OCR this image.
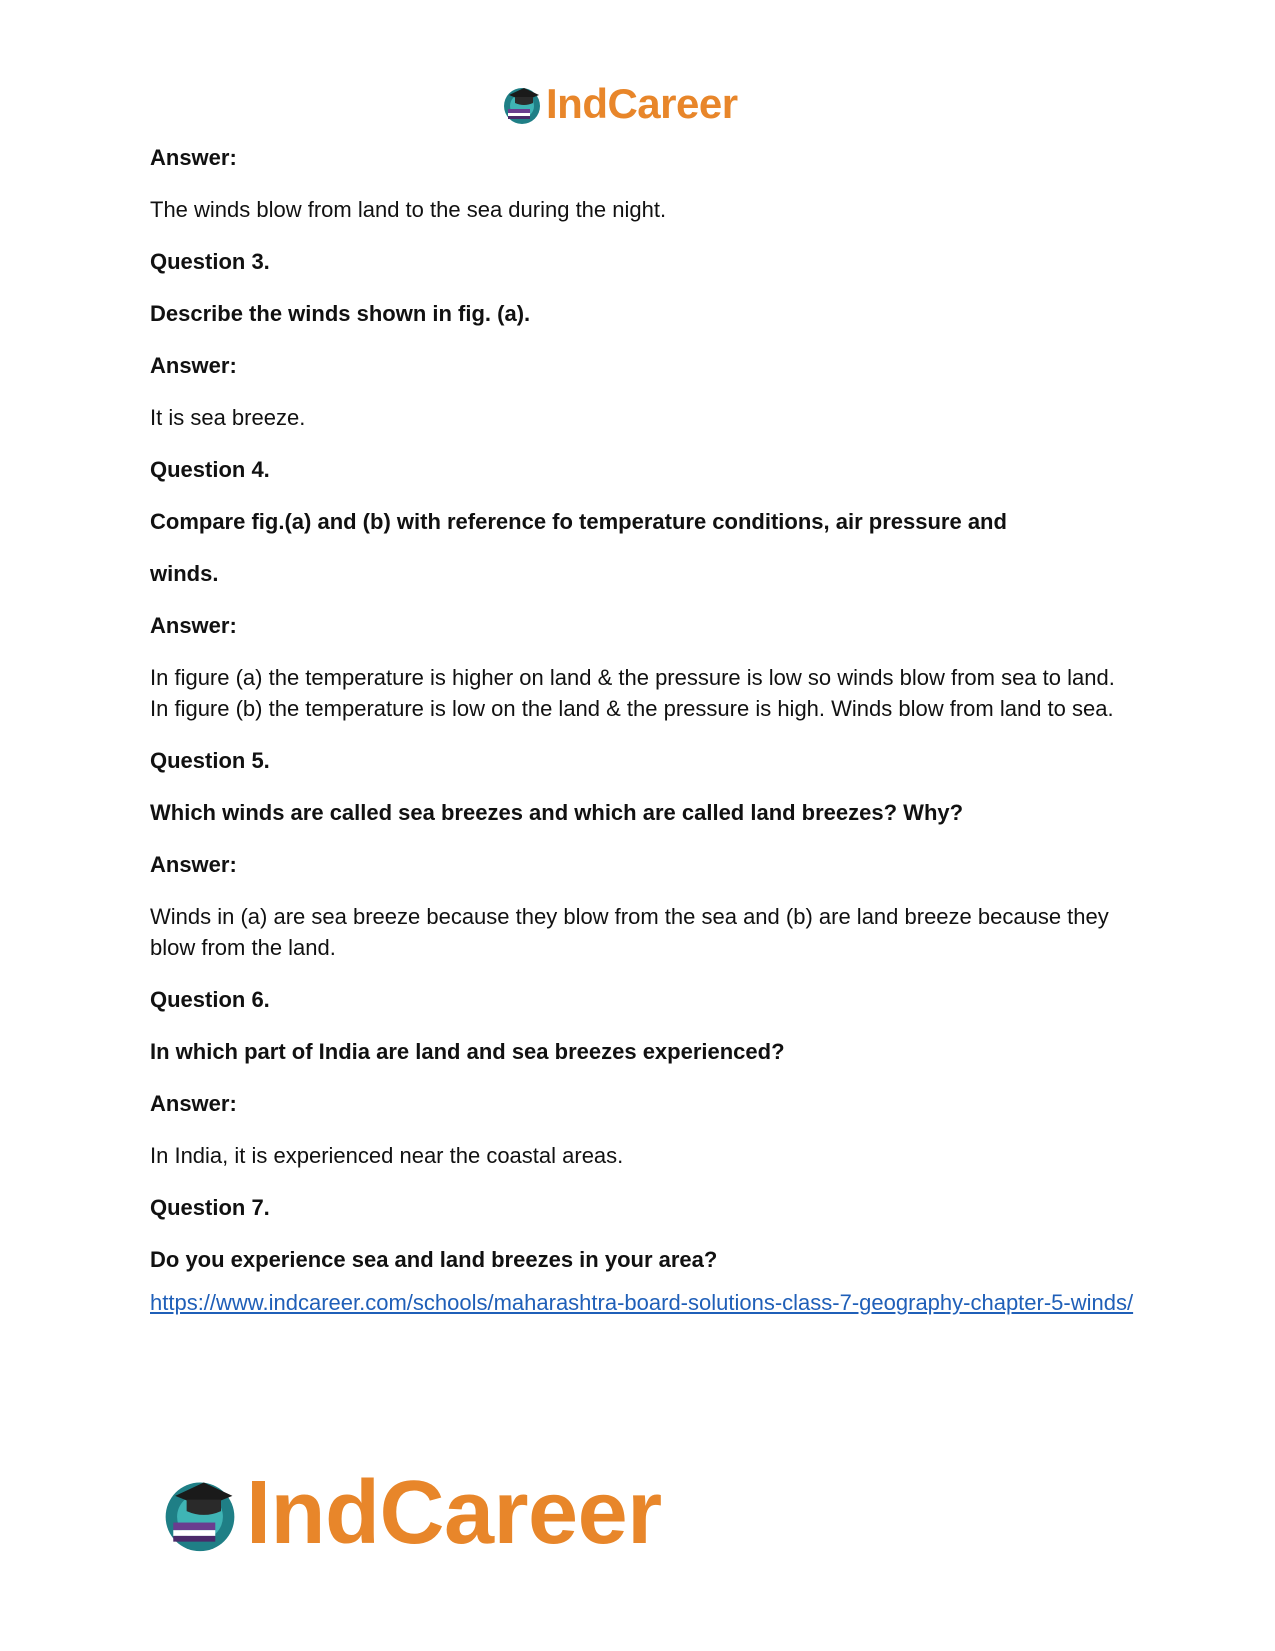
IndCareer

Answer:

The winds blow from land to the sea during the night.

Question 3.

Describe the winds shown in fig. (a).

Answer:

It is sea breeze.

Question 4.

Compare fig.(a) and (b) with reference fo temperature conditions, air pressure and

winds.

Answer:

In figure (a) the temperature is higher on land & the pressure is low so winds blow from sea to land. In figure (b) the temperature is low on the land & the pressure is high. Winds blow from land to sea.

Question 5.

Which winds are called sea breezes and which are called land breezes? Why?

Answer:

Winds in (a) are sea breeze because they blow from the sea and (b) are land breeze because they blow from the land.

Question 6.

In which part of India are land and sea breezes experienced?

Answer:

In India, it is experienced near the coastal areas.

Question 7.

Do you experience sea and land breezes in your area?

https://www.indcareer.com/schools/maharashtra-board-solutions-class-7-geography-chapter-5-winds/
IndCareer
